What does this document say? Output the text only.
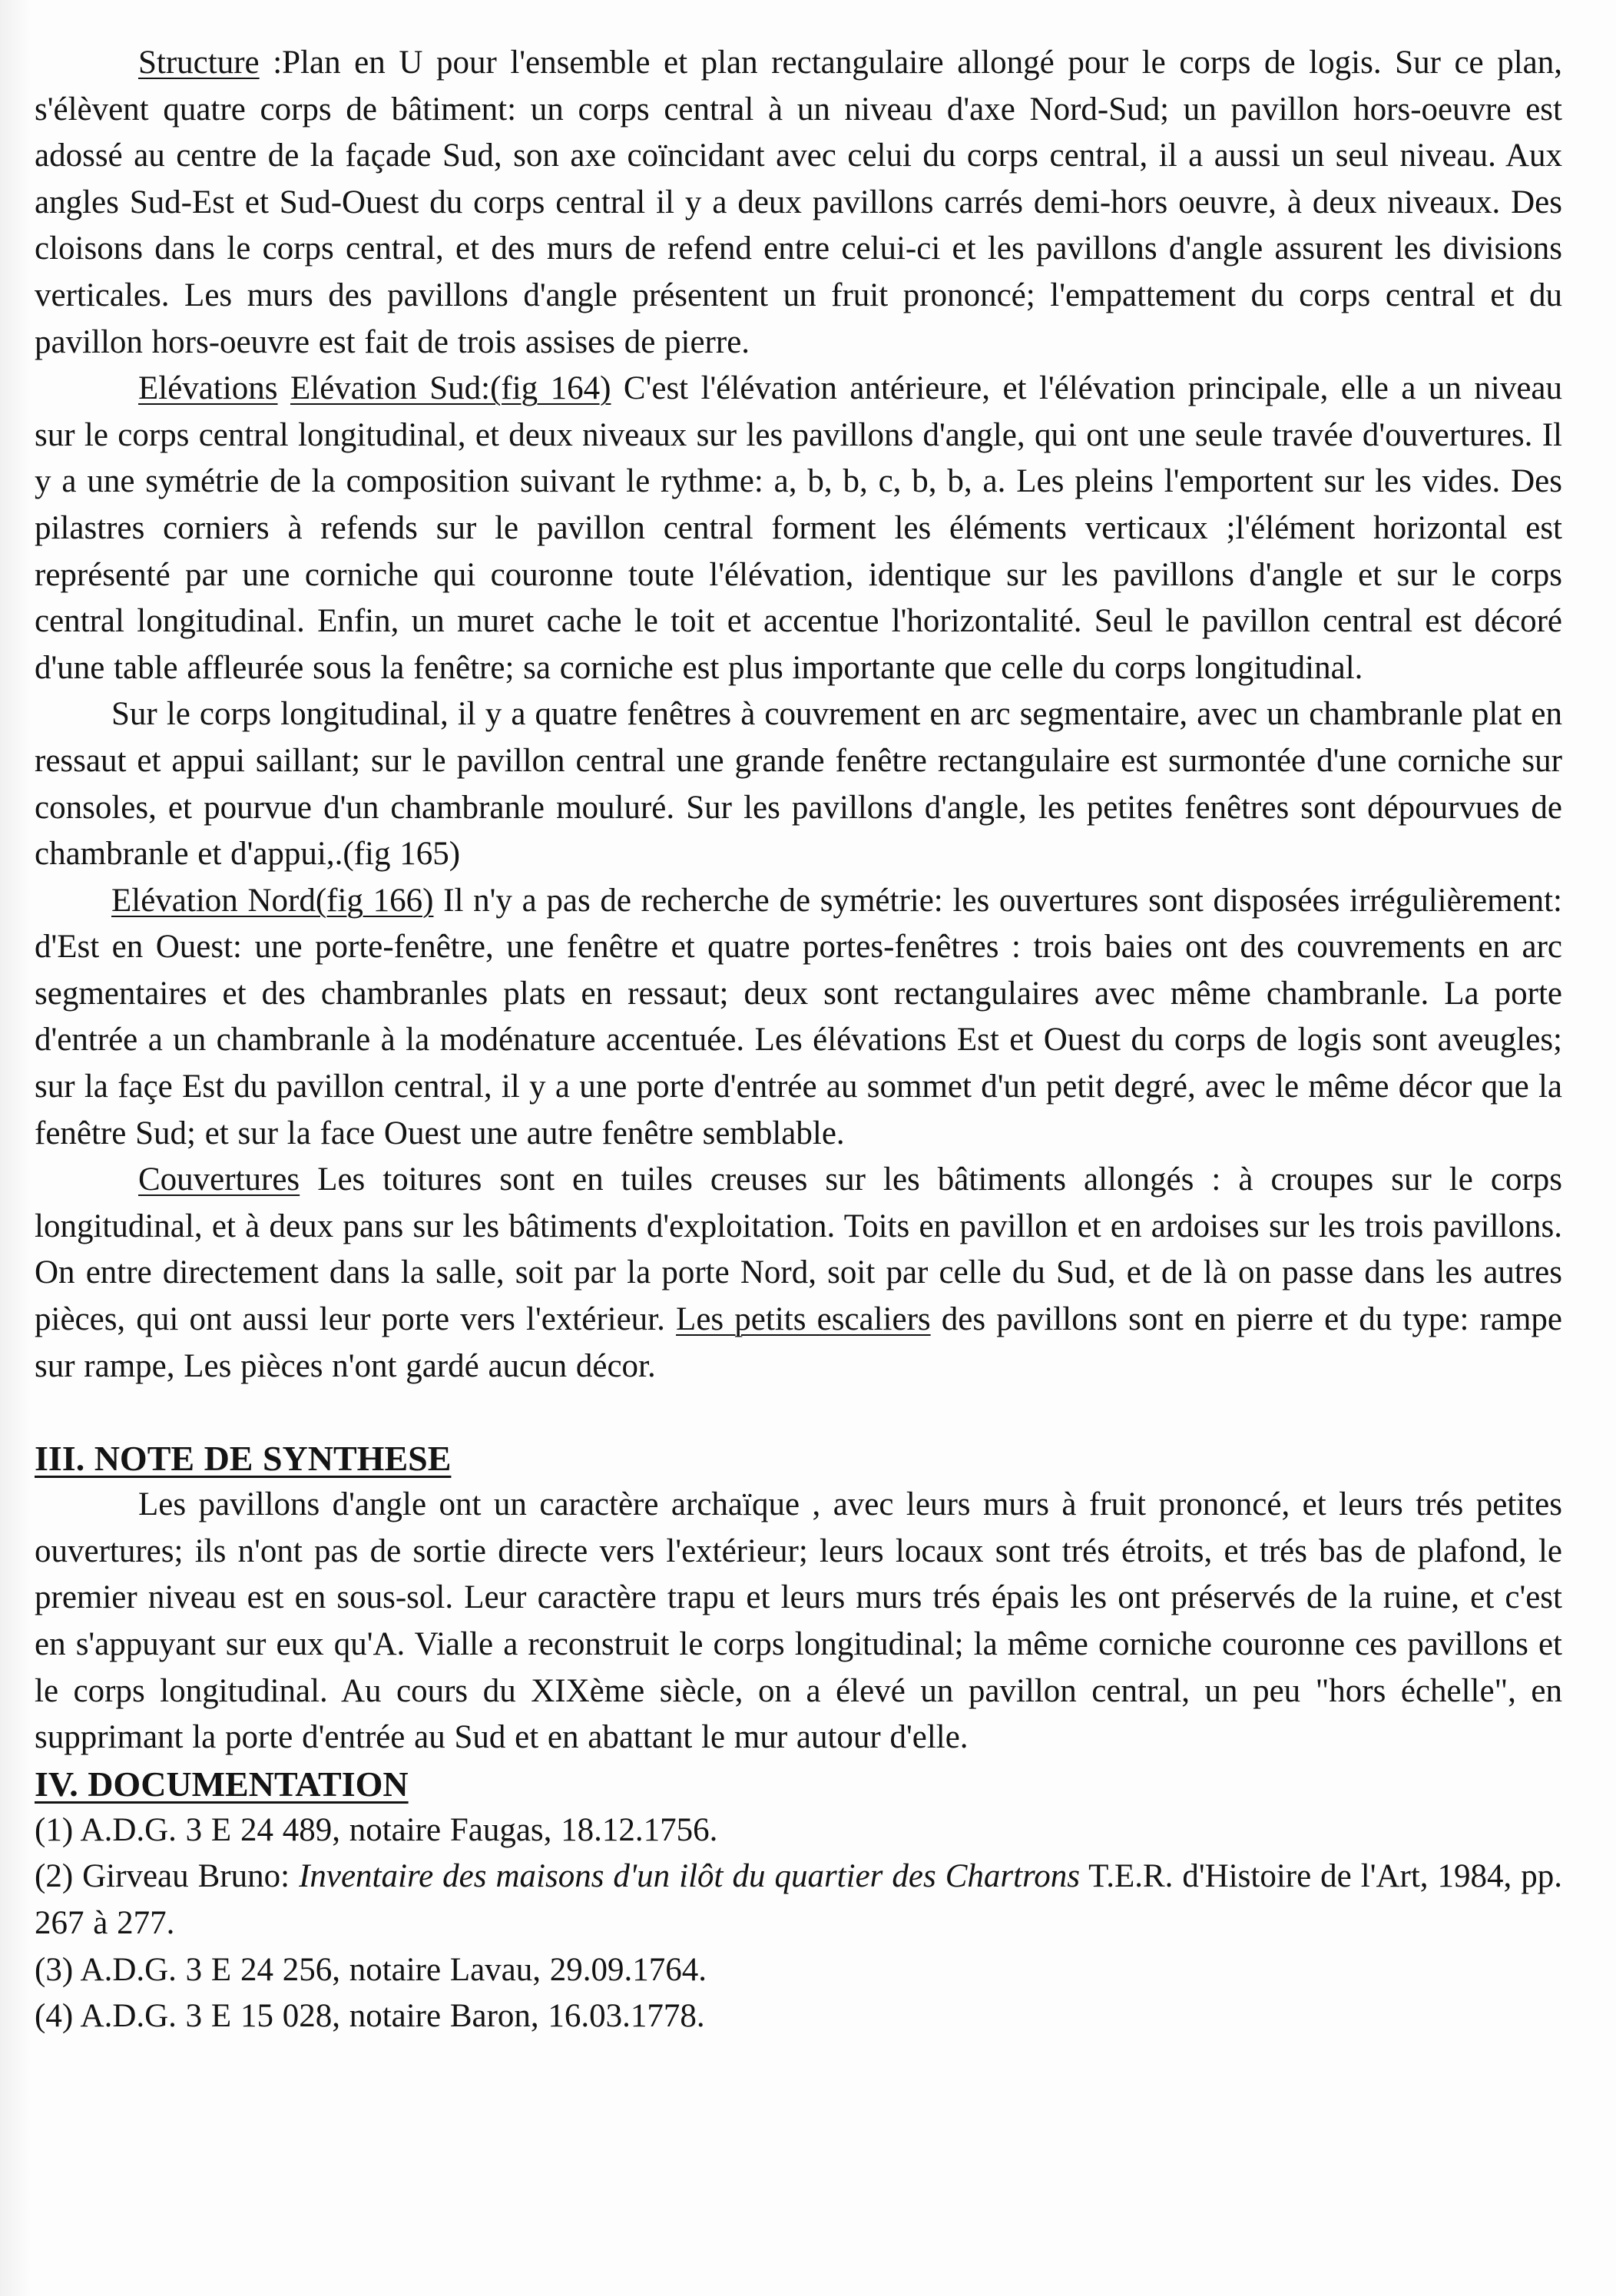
Structure :Plan en U pour l'ensemble et plan rectangulaire allongé pour le corps de logis. Sur ce plan, s'élèvent quatre corps de bâtiment: un corps central à un niveau d'axe Nord-Sud; un pavillon hors-oeuvre est adossé au centre de la façade Sud, son axe coïncidant avec celui du corps central, il a aussi un seul niveau. Aux angles Sud-Est et Sud-Ouest du corps central il y a deux pavillons carrés demi-hors oeuvre, à deux niveaux. Des cloisons dans le corps central, et des murs de refend entre celui-ci et les pavillons d'angle assurent les divisions verticales. Les murs des pavillons d'angle présentent un fruit prononcé; l'empattement du corps central et du pavillon hors-oeuvre est fait de trois assises de pierre.

Elévations Elévation Sud:(fig 164) C'est l'élévation antérieure, et l'élévation principale, elle a un niveau sur le corps central longitudinal, et deux niveaux sur les pavillons d'angle, qui ont une seule travée d'ouvertures. Il y a une symétrie de la composition suivant le rythme: a, b, b, c, b, b, a. Les pleins l'emportent sur les vides. Des pilastres corniers à refends sur le pavillon central forment les éléments verticaux ;l'élément horizontal est représenté par une corniche qui couronne toute l'élévation, identique sur les pavillons d'angle et sur le corps central longitudinal. Enfin, un muret cache le toit et accentue l'horizontalité. Seul le pavillon central est décoré d'une table affleurée sous la fenêtre; sa corniche est plus importante que celle du corps longitudinal.

Sur le corps longitudinal, il y a quatre fenêtres à couvrement en arc segmentaire, avec un chambranle plat en ressaut et appui saillant; sur le pavillon central une grande fenêtre rectangulaire est surmontée d'une corniche sur consoles, et pourvue d'un chambranle mouluré. Sur les pavillons d'angle, les petites fenêtres sont dépourvues de chambranle et d'appui,.(fig 165)

Elévation Nord(fig 166) Il n'y a pas de recherche de symétrie: les ouvertures sont disposées irrégulièrement: d'Est en Ouest: une porte-fenêtre, une fenêtre et quatre portes-fenêtres : trois baies ont des couvrements en arc segmentaires et des chambranles plats en ressaut; deux sont rectangulaires avec même chambranle. La porte d'entrée a un chambranle à la modénature accentuée. Les élévations Est et Ouest du corps de logis sont aveugles; sur la façe Est du pavillon central, il y a une porte d'entrée au sommet d'un petit degré, avec le même décor que la fenêtre Sud; et sur la face Ouest une autre fenêtre semblable.

Couvertures Les toitures sont en tuiles creuses sur les bâtiments allongés : à croupes sur le corps longitudinal, et à deux pans sur les bâtiments d'exploitation. Toits en pavillon et en ardoises sur les trois pavillons. On entre directement dans la salle, soit par la porte Nord, soit par celle du Sud, et de là on passe dans les autres pièces, qui ont aussi leur porte vers l'extérieur. Les petits escaliers des pavillons sont en pierre et du type: rampe sur rampe, Les pièces n'ont gardé aucun décor.

III. NOTE DE SYNTHESE

Les pavillons d'angle ont un caractère archaïque , avec leurs murs à fruit prononcé, et leurs trés petites ouvertures; ils n'ont pas de sortie directe vers l'extérieur; leurs locaux sont trés étroits, et trés bas de plafond, le premier niveau est en sous-sol. Leur caractère trapu et leurs murs trés épais les ont préservés de la ruine, et c'est en s'appuyant sur eux qu'A. Vialle a reconstruit le corps longitudinal; la même corniche couronne ces pavillons et le corps longitudinal. Au cours du XIXème siècle, on a élevé un pavillon central, un peu "hors échelle", en supprimant la porte d'entrée au Sud et en abattant le mur autour d'elle.

IV. DOCUMENTATION

(1) A.D.G. 3 E 24 489, notaire Faugas, 18.12.1756.

(2) Girveau Bruno: Inventaire des maisons d'un ilôt du quartier des Chartrons T.E.R. d'Histoire de l'Art, 1984, pp. 267 à 277.

(3) A.D.G. 3 E 24 256, notaire Lavau, 29.09.1764.

(4) A.D.G. 3 E 15 028, notaire Baron, 16.03.1778.
